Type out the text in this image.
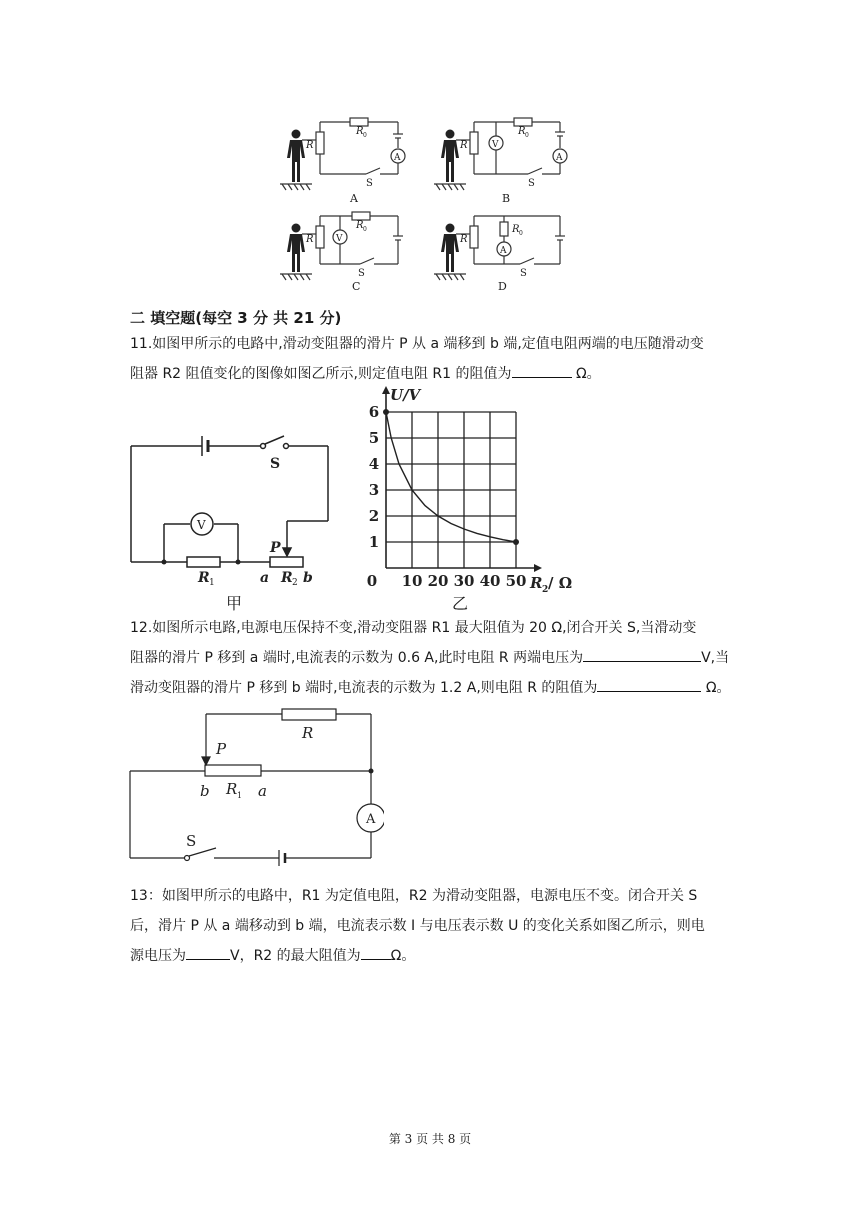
R
R 0
S
A
A
R
R 0
S
V
A
B
R
R 0
S
V
C
R
R 0
S
A
D
二 填空题(每空 3 分 共 21 分)
11.如图甲所示的电路中,滑动变阻器的滑片 P 从 a 端移到 b 端,定值电阻两端的电压随滑动变
阻器 R2 阻值变化的图像如图乙所示,则定值电阻 R1 的阻值为	Ω。
S
V
P
R 1	a R 2 b
甲
0 10 20 30 40 50
1
2
3
4
5
6
U/V
R 2 / Ω
乙
12.如图所示电路,电源电压保持不变,滑动变阻器 R1 最大阻值为 20 Ω,闭合开关 S,当滑动变
阻器的滑片 P 移到 a 端时,电流表的示数为 0.6 A,此时电阻 R 两端电压为	V,当
滑动变阻器的滑片 P 移到 b 端时,电流表的示数为 1.2 A,则电阻 R 的阻值为	Ω。
R
P
b R 1 a
S
A
13：如图甲所示的电路中，R1 为定值电阻，R2 为滑动变阻器，电源电压不变。闭合开关 S
后，滑片 P 从 a 端移动到 b 端，电流表示数 I 与电压表示数 U 的变化关系如图乙所示，则电
源电压为	V，R2 的最大阻值为 Ω。
第 3 页 共 8 页
